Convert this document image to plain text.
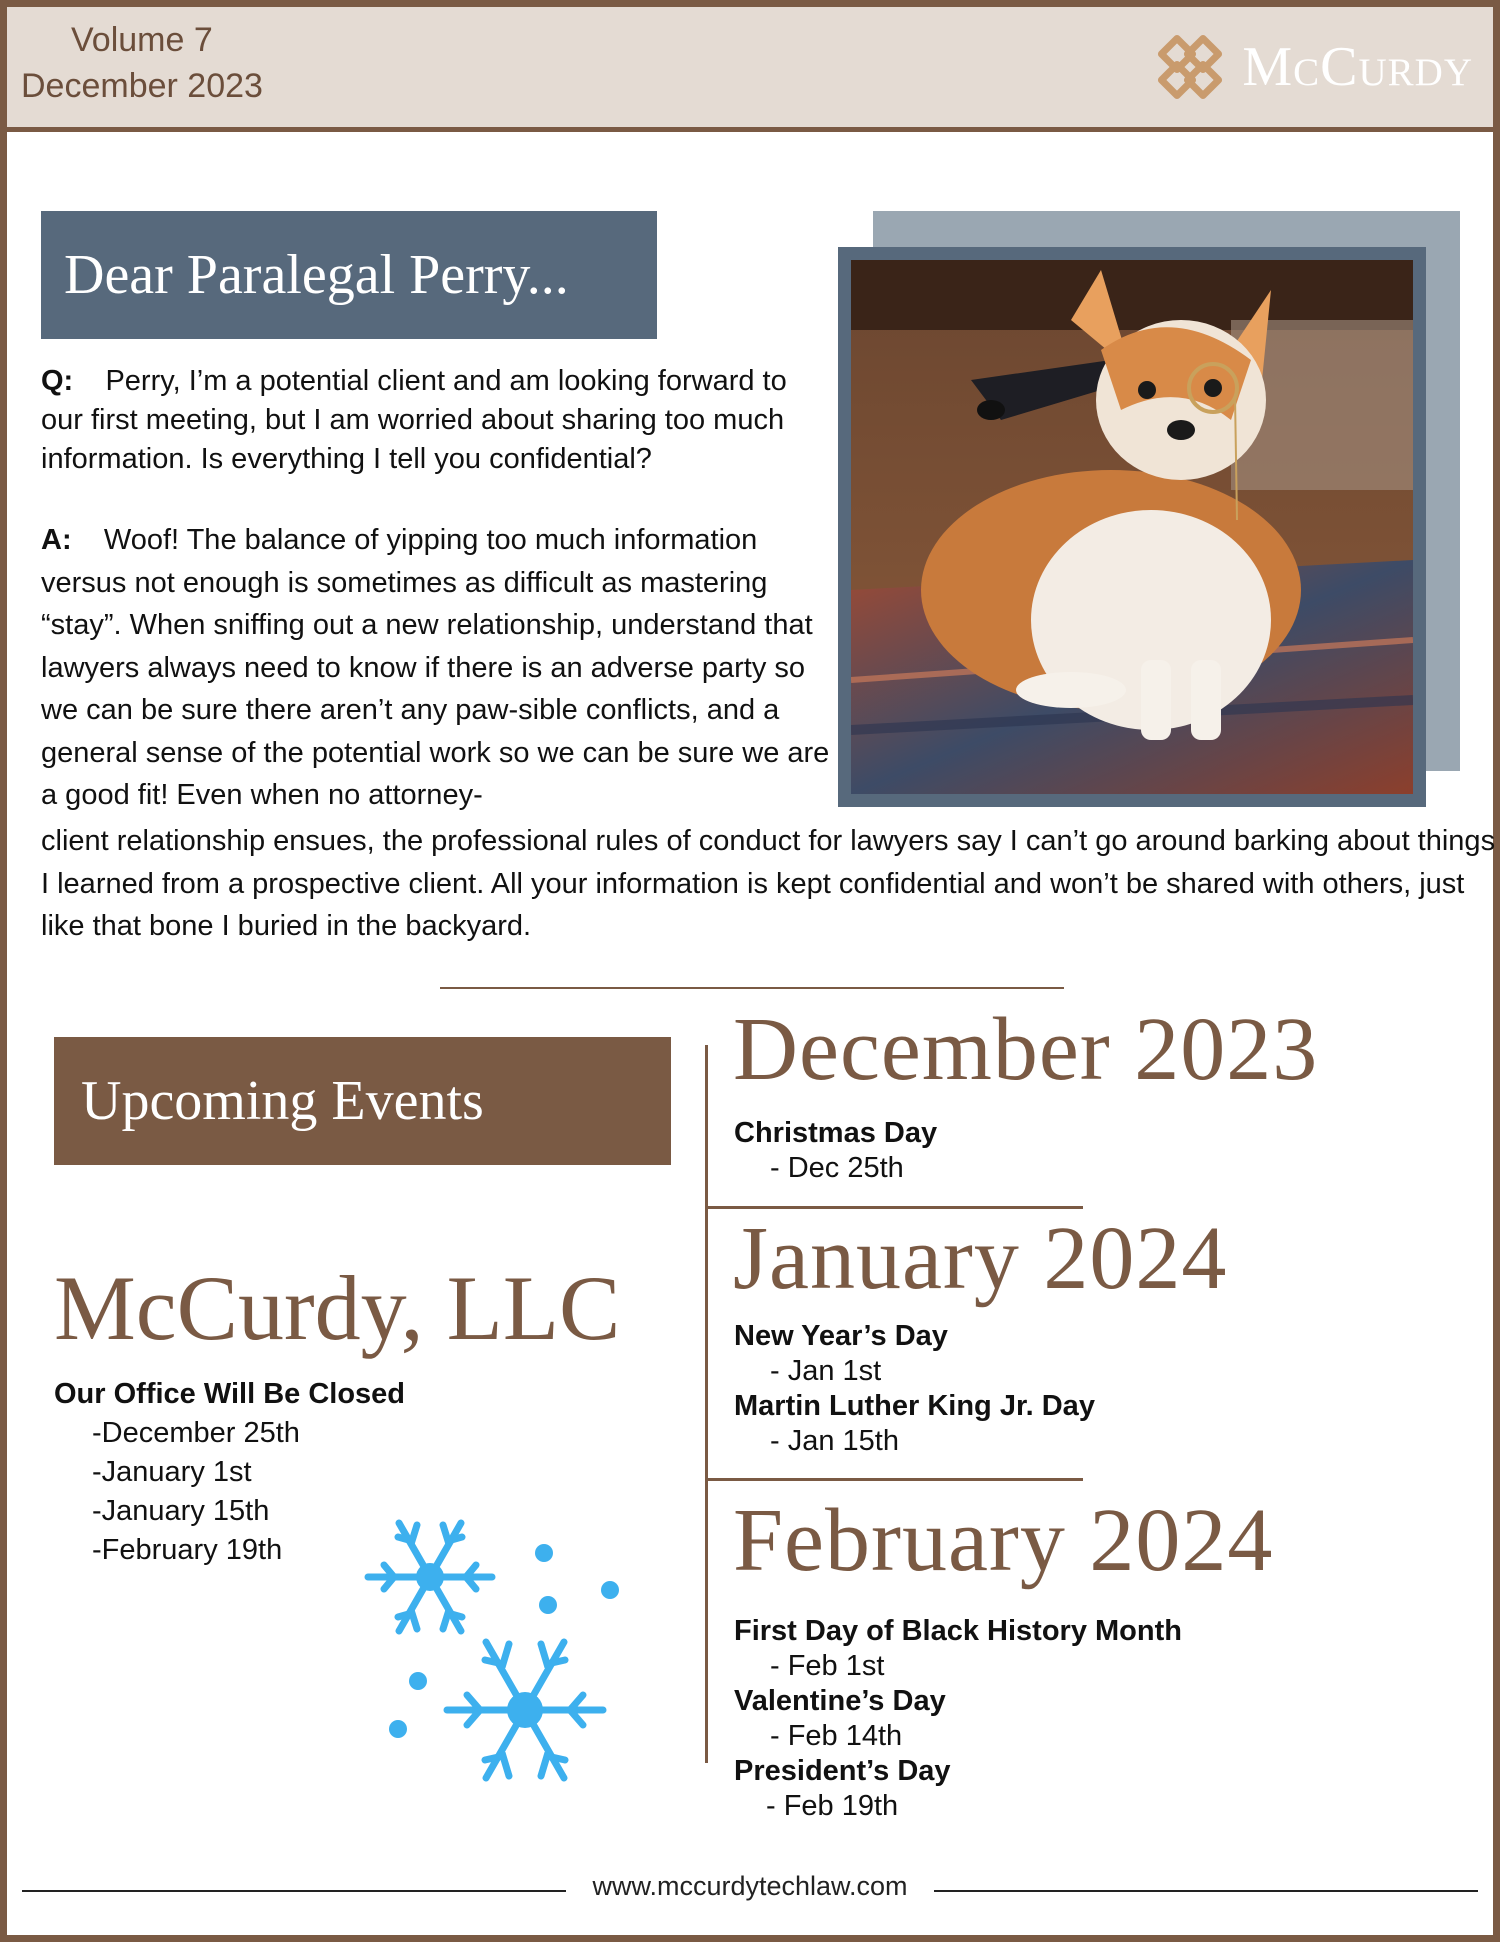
Volume 7
December 2023	McCurdy
Dear Paralegal Perry...
Q: Perry, I’m a potential client and am looking forward to our first meeting, but I am worried about sharing too much information. Is everything I tell you confidential?
A: Woof! The balance of yipping too much information versus not enough is sometimes as difficult as mastering “stay”. When sniffing out a new relationship, understand that lawyers always need to know if there is an adverse party so we can be sure there aren’t any paw-sible conflicts, and a general sense of the potential work so we can be sure we are a good fit! Even when no attorney-
client relationship ensues, the professional rules of conduct for lawyers say I can’t go around barking about things I learned from a prospective client. All your information is kept confidential and won’t be shared with others, just like that bone I buried in the backyard.
Upcoming Events
December 2023
Christmas Day
- Dec 25th
January 2024
New Year’s Day
- Jan 1st
Martin Luther King Jr. Day
- Jan 15th
February 2024
First Day of Black History Month
- Feb 1st
Valentine’s Day
- Feb 14th
President’s Day
- Feb 19th
McCurdy, LLC
Our Office Will Be Closed
-December 25th
-January 1st
-January 15th
-February 19th
www.mccurdytechlaw.com
